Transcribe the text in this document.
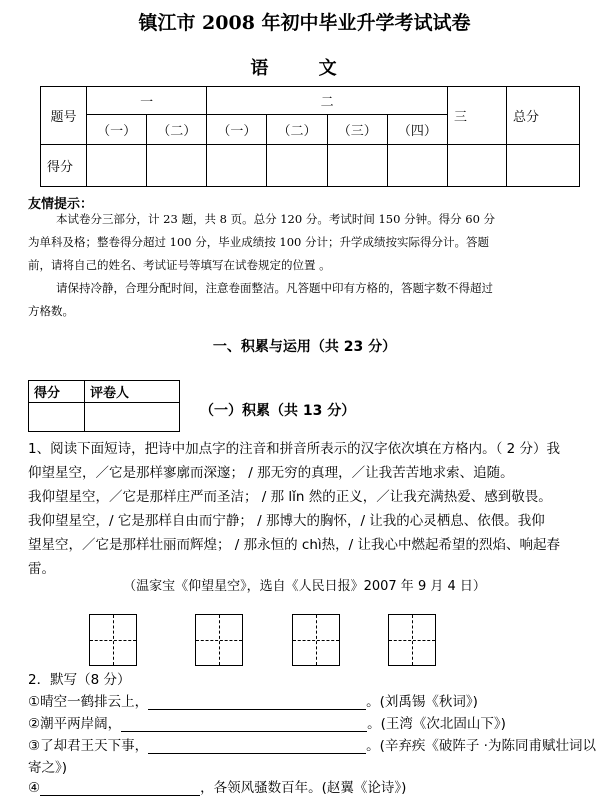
镇江市 2008 年初中毕业升学考试试卷
语 文
题号	一		二				三	总分
	（一）	（二）	（一）	（二）	（三）	（四）		
得分								
友情提示：
本试卷分三部分，计 23 题，共 8 页。总分 120 分。考试时间 150 分钟。得分 60 分
为单科及格；整卷得分超过 100 分，毕业成绩按 100 分计；升学成绩按实际得分计。答题
前，请将自己的姓名、考试证号等填写在试卷规定的位置 。
请保持冷静，合理分配时间，注意卷面整洁。凡答题中印有方格的，答题字数不得超过
方格数。
一、积累与运用（共 23 分）
得分	评卷人

（一）积累（共 13 分）
1、阅读下面短诗，把诗中加点字的注音和拼音所表示的汉字依次填在方格内。（ 2 分）我
仰望星空，／它是那样寥廓而深邃； / 那无穷的真理，／让我苦苦地求索、追随。
我仰望星空，／它是那样庄严而圣洁； / 那 lǐn 然的正义，／让我充满热爱、感到敬畏。
我仰望星空，/ 它是那样自由而宁静； / 那博大的胸怀，/ 让我的心灵栖息、依偎。我仰
望星空，／它是那样壮丽而辉煌； / 那永恒的 chì热，/ 让我心中燃起希望的烈焰、响起春
雷。
（温家宝《仰望星空》，选自《人民日报》2007 年 9 月 4 日）
2．默写（8 分）
①晴空一鹤排云上，	。(刘禹锡《秋词》)
②潮平两岸阔，	。(王湾《次北固山下》)
③了却君王天下事，	。(辛弃疾《破阵子 ·为陈同甫赋壮词以
寄之》)
④	，各领风骚数百年。(赵翼《论诗》)
